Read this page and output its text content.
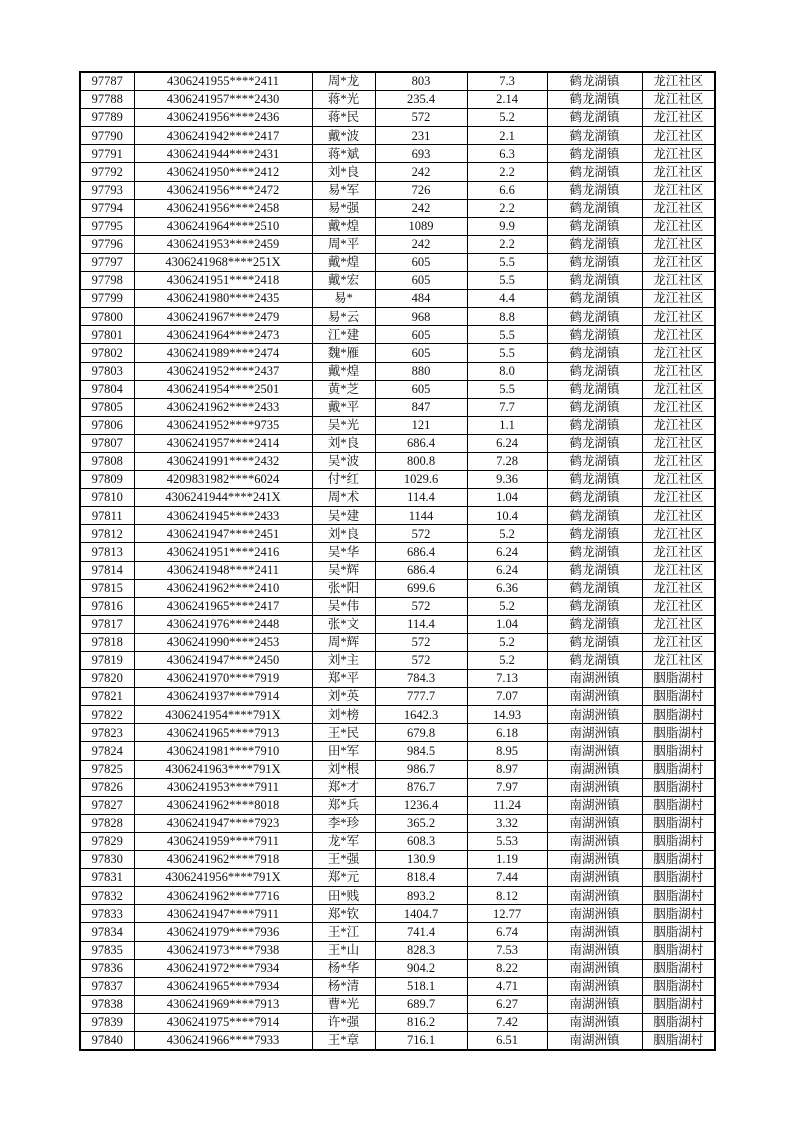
97787	4306241955****2411	周*龙	803	7.3	鹤龙湖镇	龙江社区
97788	4306241957****2430	蒋*光	235.4	2.14	鹤龙湖镇	龙江社区
97789	4306241956****2436	蒋*民	572	5.2	鹤龙湖镇	龙江社区
97790	4306241942****2417	戴*波	231	2.1	鹤龙湖镇	龙江社区
97791	4306241944****2431	蒋*斌	693	6.3	鹤龙湖镇	龙江社区
97792	4306241950****2412	刘*良	242	2.2	鹤龙湖镇	龙江社区
97793	4306241956****2472	易*军	726	6.6	鹤龙湖镇	龙江社区
97794	4306241956****2458	易*强	242	2.2	鹤龙湖镇	龙江社区
97795	4306241964****2510	戴*煌	1089	9.9	鹤龙湖镇	龙江社区
97796	4306241953****2459	周*平	242	2.2	鹤龙湖镇	龙江社区
97797	4306241968****251X	戴*煌	605	5.5	鹤龙湖镇	龙江社区
97798	4306241951****2418	戴*宏	605	5.5	鹤龙湖镇	龙江社区
97799	4306241980****2435	易*	484	4.4	鹤龙湖镇	龙江社区
97800	4306241967****2479	易*云	968	8.8	鹤龙湖镇	龙江社区
97801	4306241964****2473	江*建	605	5.5	鹤龙湖镇	龙江社区
97802	4306241989****2474	魏*雁	605	5.5	鹤龙湖镇	龙江社区
97803	4306241952****2437	戴*煌	880	8.0	鹤龙湖镇	龙江社区
97804	4306241954****2501	黄*芝	605	5.5	鹤龙湖镇	龙江社区
97805	4306241962****2433	戴*平	847	7.7	鹤龙湖镇	龙江社区
97806	4306241952****9735	吴*光	121	1.1	鹤龙湖镇	龙江社区
97807	4306241957****2414	刘*良	686.4	6.24	鹤龙湖镇	龙江社区
97808	4306241991****2432	吴*波	800.8	7.28	鹤龙湖镇	龙江社区
97809	4209831982****6024	付*红	1029.6	9.36	鹤龙湖镇	龙江社区
97810	4306241944****241X	周*术	114.4	1.04	鹤龙湖镇	龙江社区
97811	4306241945****2433	吴*建	1144	10.4	鹤龙湖镇	龙江社区
97812	4306241947****2451	刘*良	572	5.2	鹤龙湖镇	龙江社区
97813	4306241951****2416	吴*华	686.4	6.24	鹤龙湖镇	龙江社区
97814	4306241948****2411	吴*辉	686.4	6.24	鹤龙湖镇	龙江社区
97815	4306241962****2410	张*阳	699.6	6.36	鹤龙湖镇	龙江社区
97816	4306241965****2417	吴*伟	572	5.2	鹤龙湖镇	龙江社区
97817	4306241976****2448	张*文	114.4	1.04	鹤龙湖镇	龙江社区
97818	4306241990****2453	周*辉	572	5.2	鹤龙湖镇	龙江社区
97819	4306241947****2450	刘*主	572	5.2	鹤龙湖镇	龙江社区
97820	4306241970****7919	郑*平	784.3	7.13	南湖洲镇	胭脂湖村
97821	4306241937****7914	刘*英	777.7	7.07	南湖洲镇	胭脂湖村
97822	4306241954****791X	刘*榜	1642.3	14.93	南湖洲镇	胭脂湖村
97823	4306241965****7913	王*民	679.8	6.18	南湖洲镇	胭脂湖村
97824	4306241981****7910	田*军	984.5	8.95	南湖洲镇	胭脂湖村
97825	4306241963****791X	刘*根	986.7	8.97	南湖洲镇	胭脂湖村
97826	4306241953****7911	郑*才	876.7	7.97	南湖洲镇	胭脂湖村
97827	4306241962****8018	郑*兵	1236.4	11.24	南湖洲镇	胭脂湖村
97828	4306241947****7923	李*珍	365.2	3.32	南湖洲镇	胭脂湖村
97829	4306241959****7911	龙*军	608.3	5.53	南湖洲镇	胭脂湖村
97830	4306241962****7918	王*强	130.9	1.19	南湖洲镇	胭脂湖村
97831	4306241956****791X	郑*元	818.4	7.44	南湖洲镇	胭脂湖村
97832	4306241962****7716	田*贱	893.2	8.12	南湖洲镇	胭脂湖村
97833	4306241947****7911	郑*钦	1404.7	12.77	南湖洲镇	胭脂湖村
97834	4306241979****7936	王*江	741.4	6.74	南湖洲镇	胭脂湖村
97835	4306241973****7938	王*山	828.3	7.53	南湖洲镇	胭脂湖村
97836	4306241972****7934	杨*华	904.2	8.22	南湖洲镇	胭脂湖村
97837	4306241965****7934	杨*清	518.1	4.71	南湖洲镇	胭脂湖村
97838	4306241969****7913	曹*光	689.7	6.27	南湖洲镇	胭脂湖村
97839	4306241975****7914	许*强	816.2	7.42	南湖洲镇	胭脂湖村
97840	4306241966****7933	王*章	716.1	6.51	南湖洲镇	胭脂湖村
